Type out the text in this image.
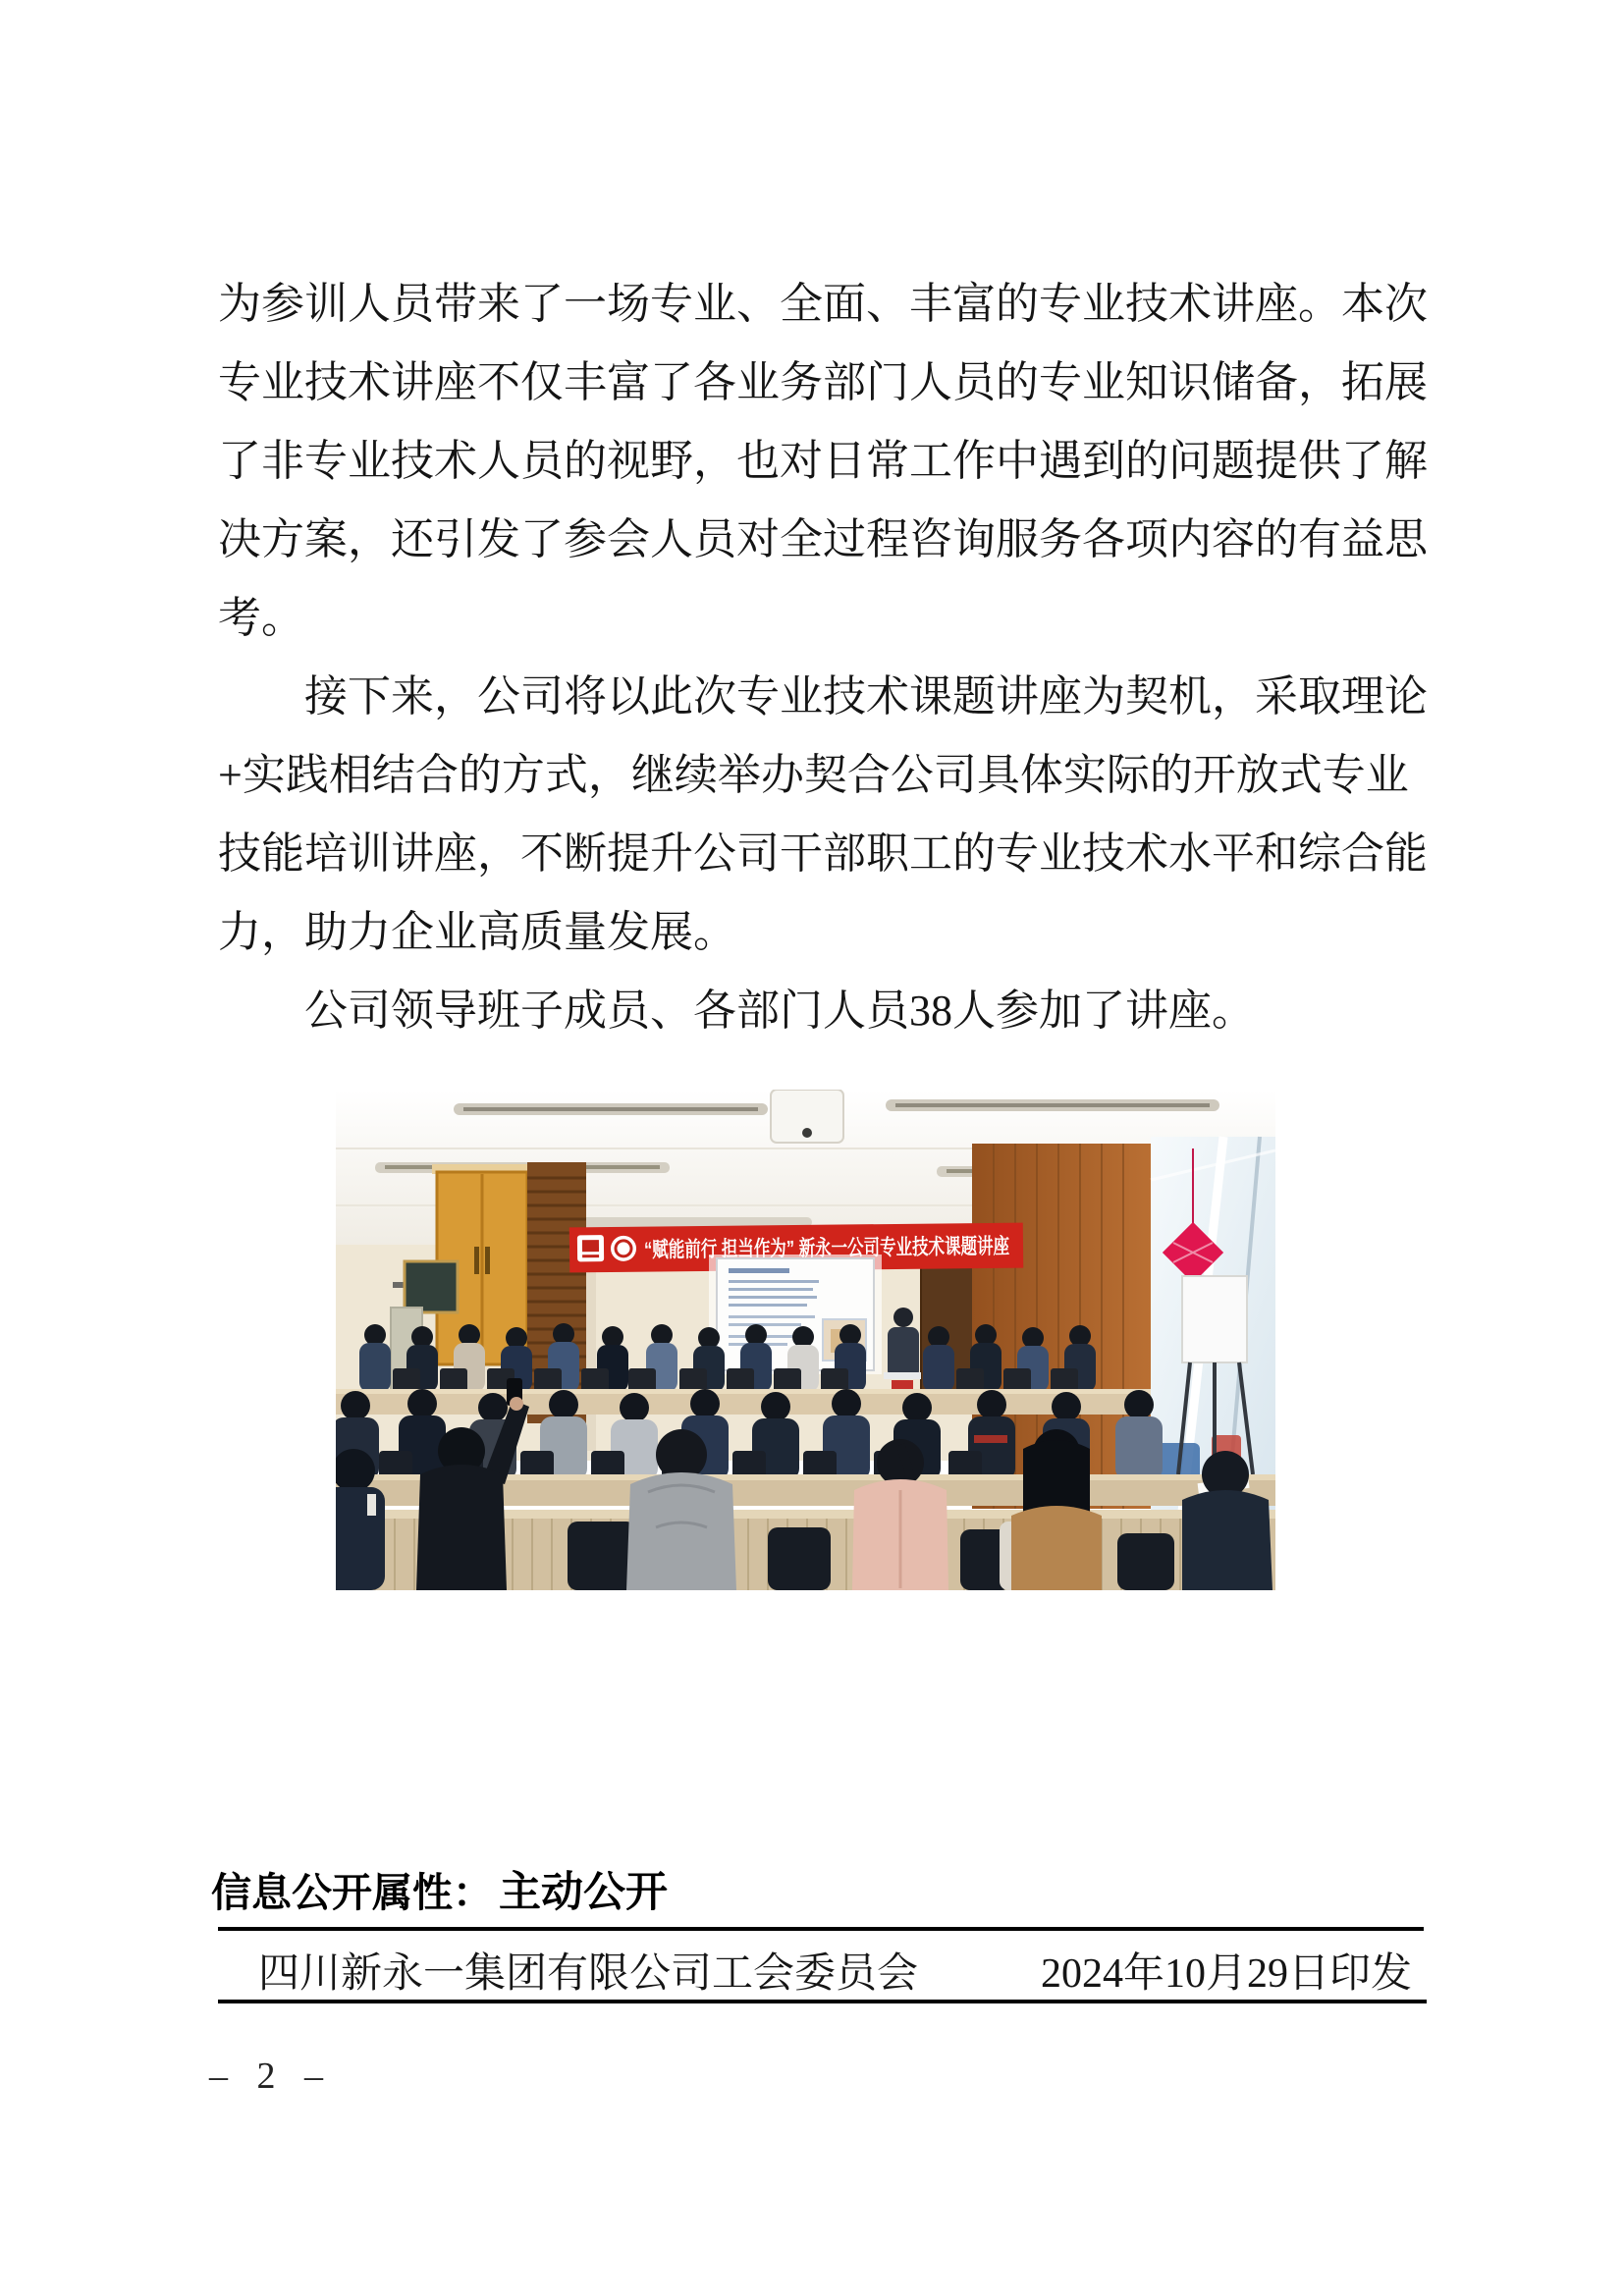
为参训人员带来了一场专业、全面、丰富的专业技术讲座。本次
专业技术讲座不仅丰富了各业务部门人员的专业知识储备，拓展
了非专业技术人员的视野，也对日常工作中遇到的问题提供了解
决方案，还引发了参会人员对全过程咨询服务各项内容的有益思
考。
接下来，公司将以此次专业技术课题讲座为契机，采取理论
+实践相结合的方式，继续举办契合公司具体实际的开放式专业
技能培训讲座，不断提升公司干部职工的专业技术水平和综合能
力，助力企业高质量发展。
公司领导班子成员、各部门人员38人参加了讲座。
“赋能前行 担当作为” 新永一公司专业技术课题讲座
信息公开属性： 主动公开
四川新永一集团有限公司工会委员会	2024年10月29日印发
– 2 –
